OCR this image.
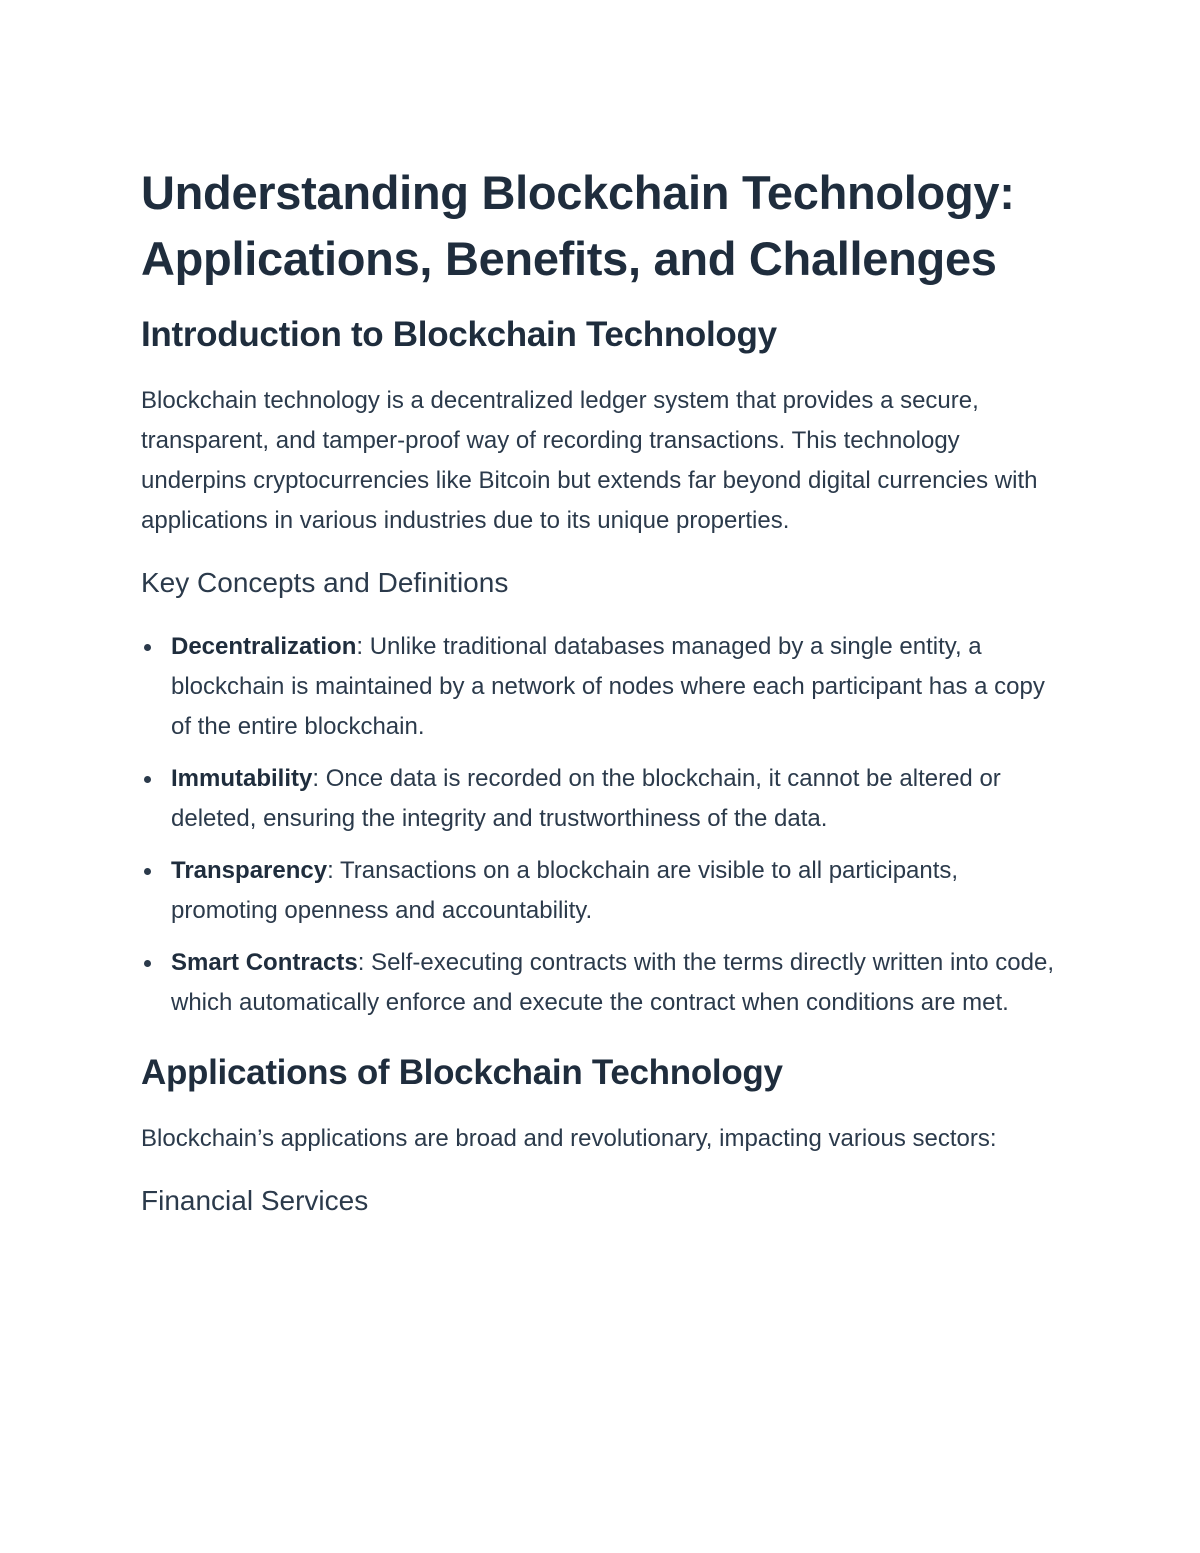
Understanding Blockchain Technology: Applications, Benefits, and Challenges
Introduction to Blockchain Technology

Blockchain technology is a decentralized ledger system that provides a secure, transparent, and tamper-proof way of recording transactions. This technology underpins cryptocurrencies like Bitcoin but extends far beyond digital currencies with applications in various industries due to its unique properties.

Key Concepts and Definitions
Decentralization: Unlike traditional databases managed by a single entity, a blockchain is maintained by a network of nodes where each participant has a copy of the entire blockchain.
Immutability: Once data is recorded on the blockchain, it cannot be altered or deleted, ensuring the integrity and trustworthiness of the data.
Transparency: Transactions on a blockchain are visible to all participants, promoting openness and accountability.
Smart Contracts: Self-executing contracts with the terms directly written into code, which automatically enforce and execute the contract when conditions are met.
Applications of Blockchain Technology

Blockchain’s applications are broad and revolutionary, impacting various sectors:

Financial Services
